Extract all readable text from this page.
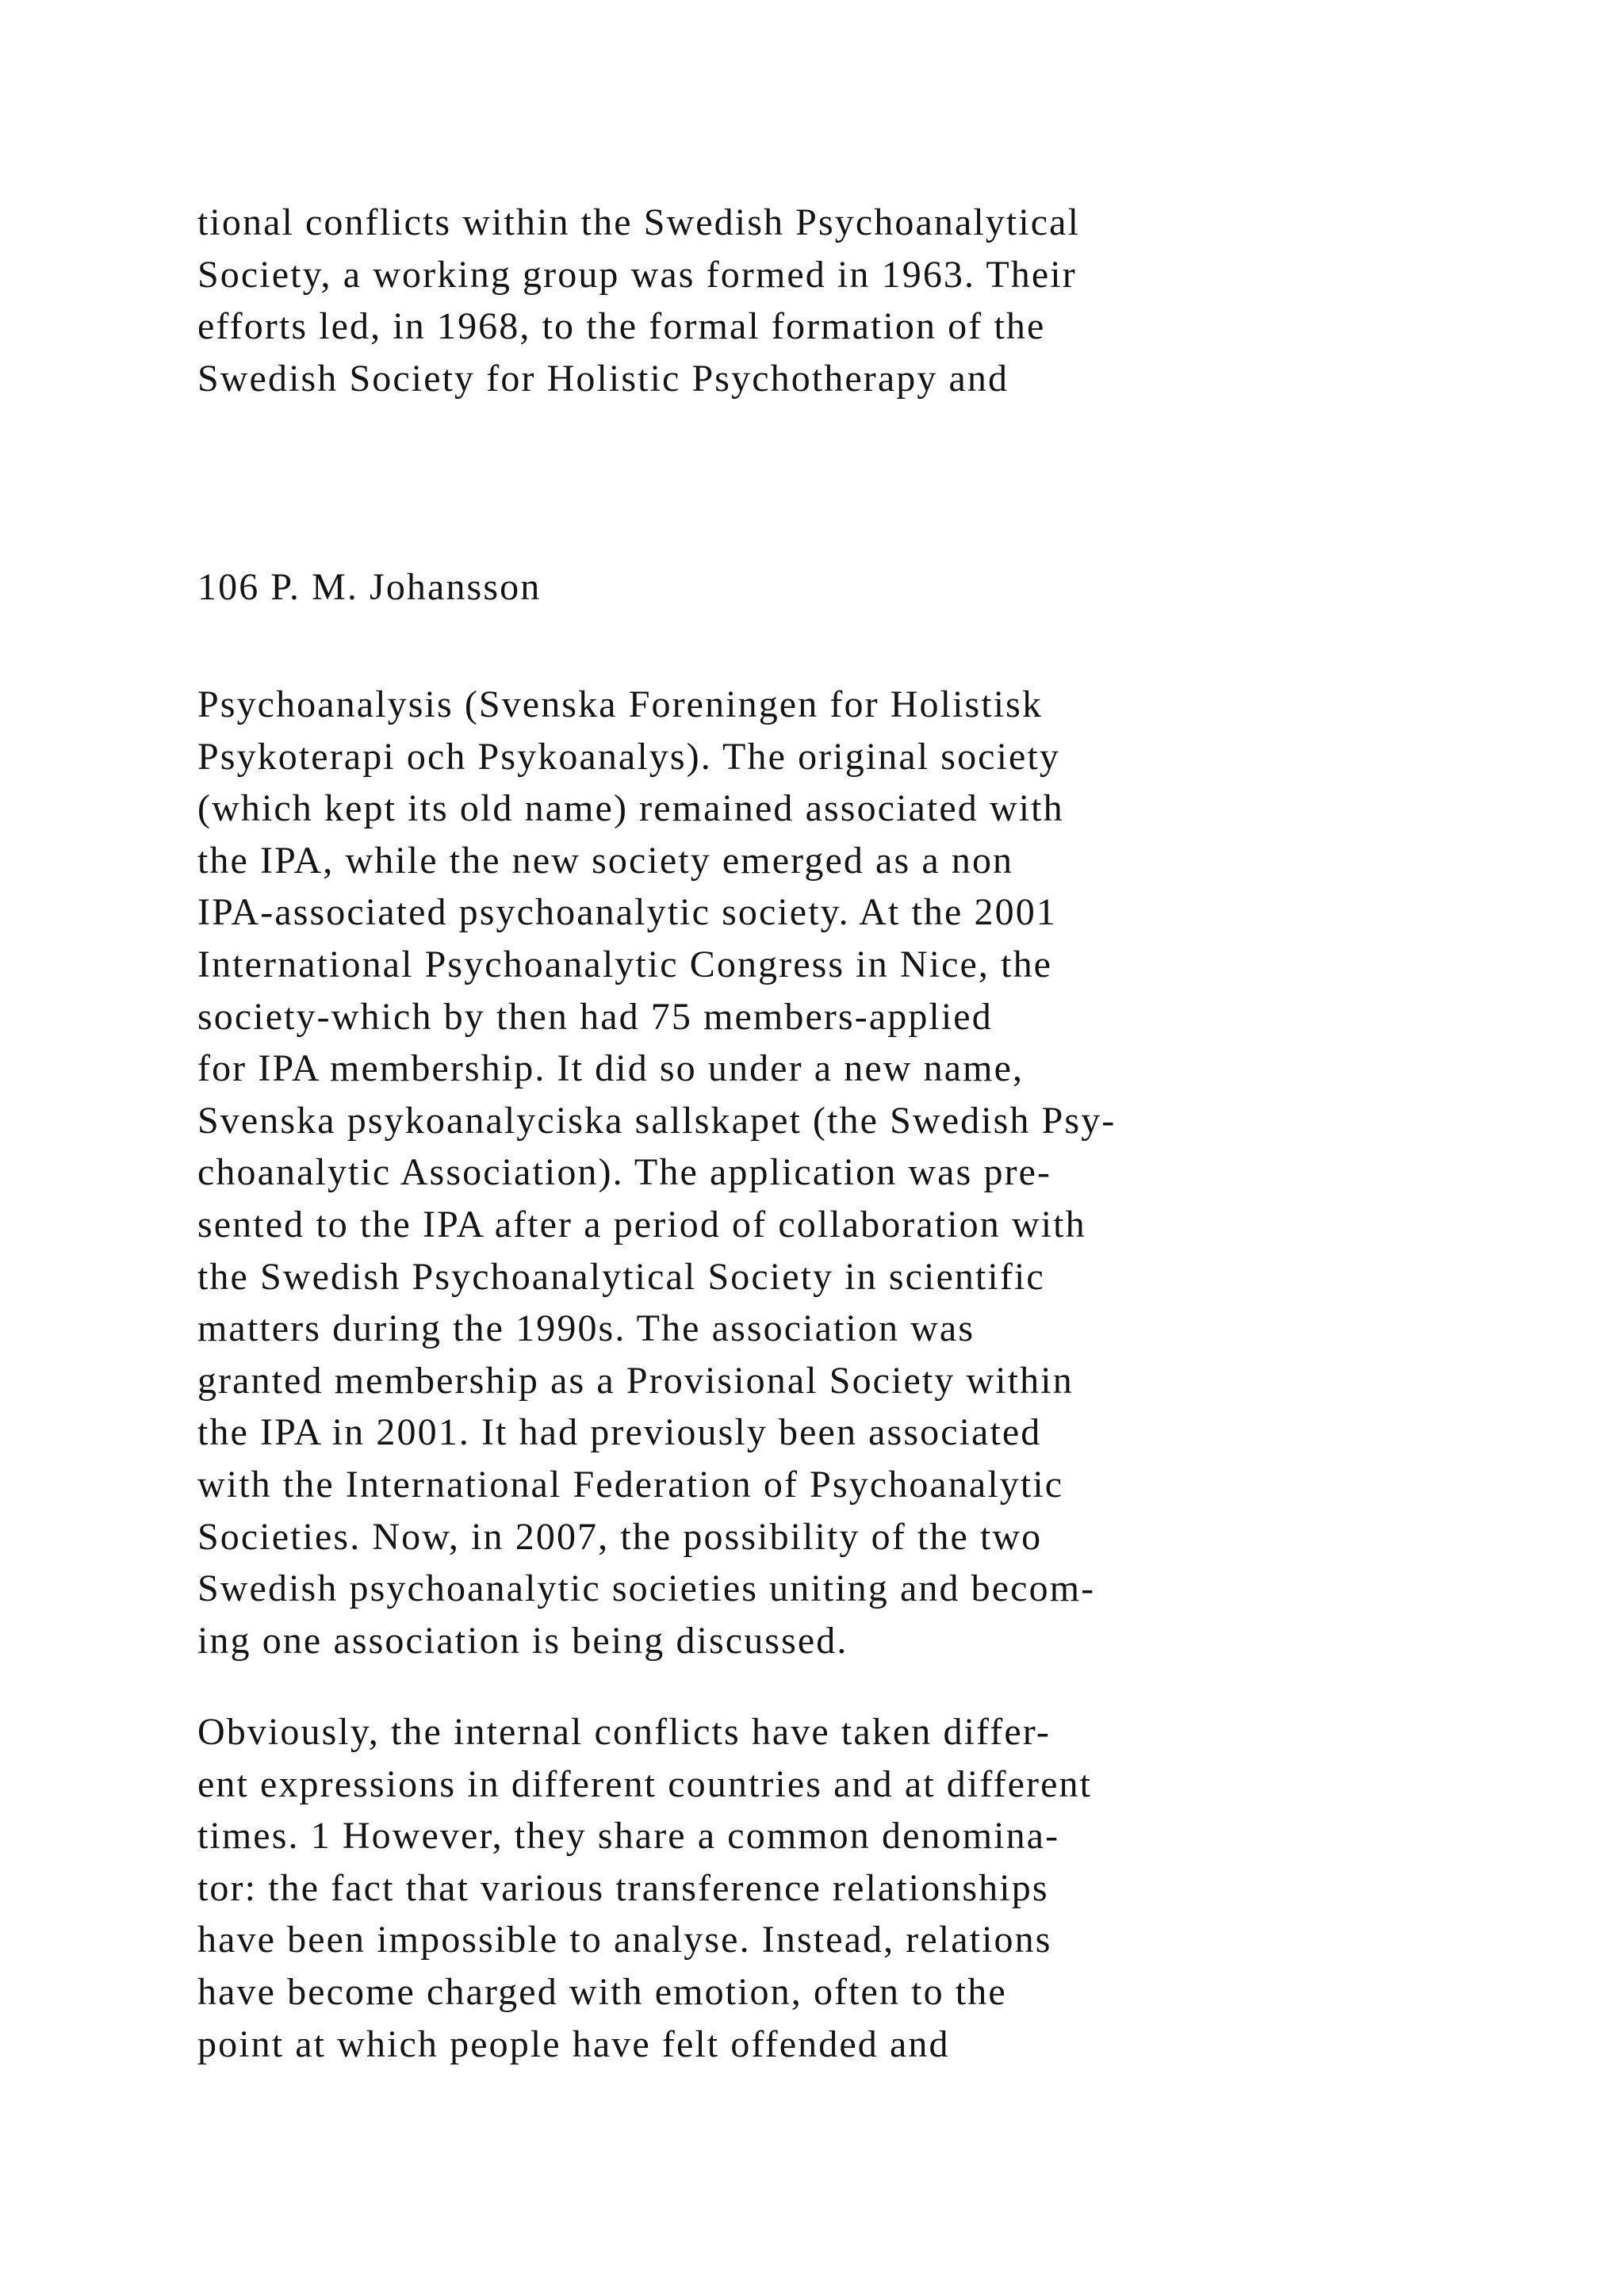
tional conflicts within the Swedish Psychoanalytical
Society, a working group was formed in 1963. Their
efforts led, in 1968, to the formal formation of the
Swedish Society for Holistic Psychotherapy and
106 P. M. Johansson
Psychoanalysis (Svenska Foreningen for Holistisk
Psykoterapi och Psykoanalys). The original society
(which kept its old name) remained associated with
the IPA, while the new society emerged as a non
IPA-associated psychoanalytic society. At the 2001
International Psychoanalytic Congress in Nice, the
society-which by then had 75 members-applied
for IPA membership. It did so under a new name,
Svenska psykoanalyciska sallskapet (the Swedish Psy-
choanalytic Association). The application was pre-
sented to the IPA after a period of collaboration with
the Swedish Psychoanalytical Society in scientific
matters during the 1990s. The association was
granted membership as a Provisional Society within
the IPA in 2001. It had previously been associated
with the International Federation of Psychoanalytic
Societies. Now, in 2007, the possibility of the two
Swedish psychoanalytic societies uniting and becom-
ing one association is being discussed.
Obviously, the internal conflicts have taken differ-
ent expressions in different countries and at different
times. 1 However, they share a common denomina-
tor: the fact that various transference relationships
have been impossible to analyse. Instead, relations
have become charged with emotion, often to the
point at which people have felt offended and
